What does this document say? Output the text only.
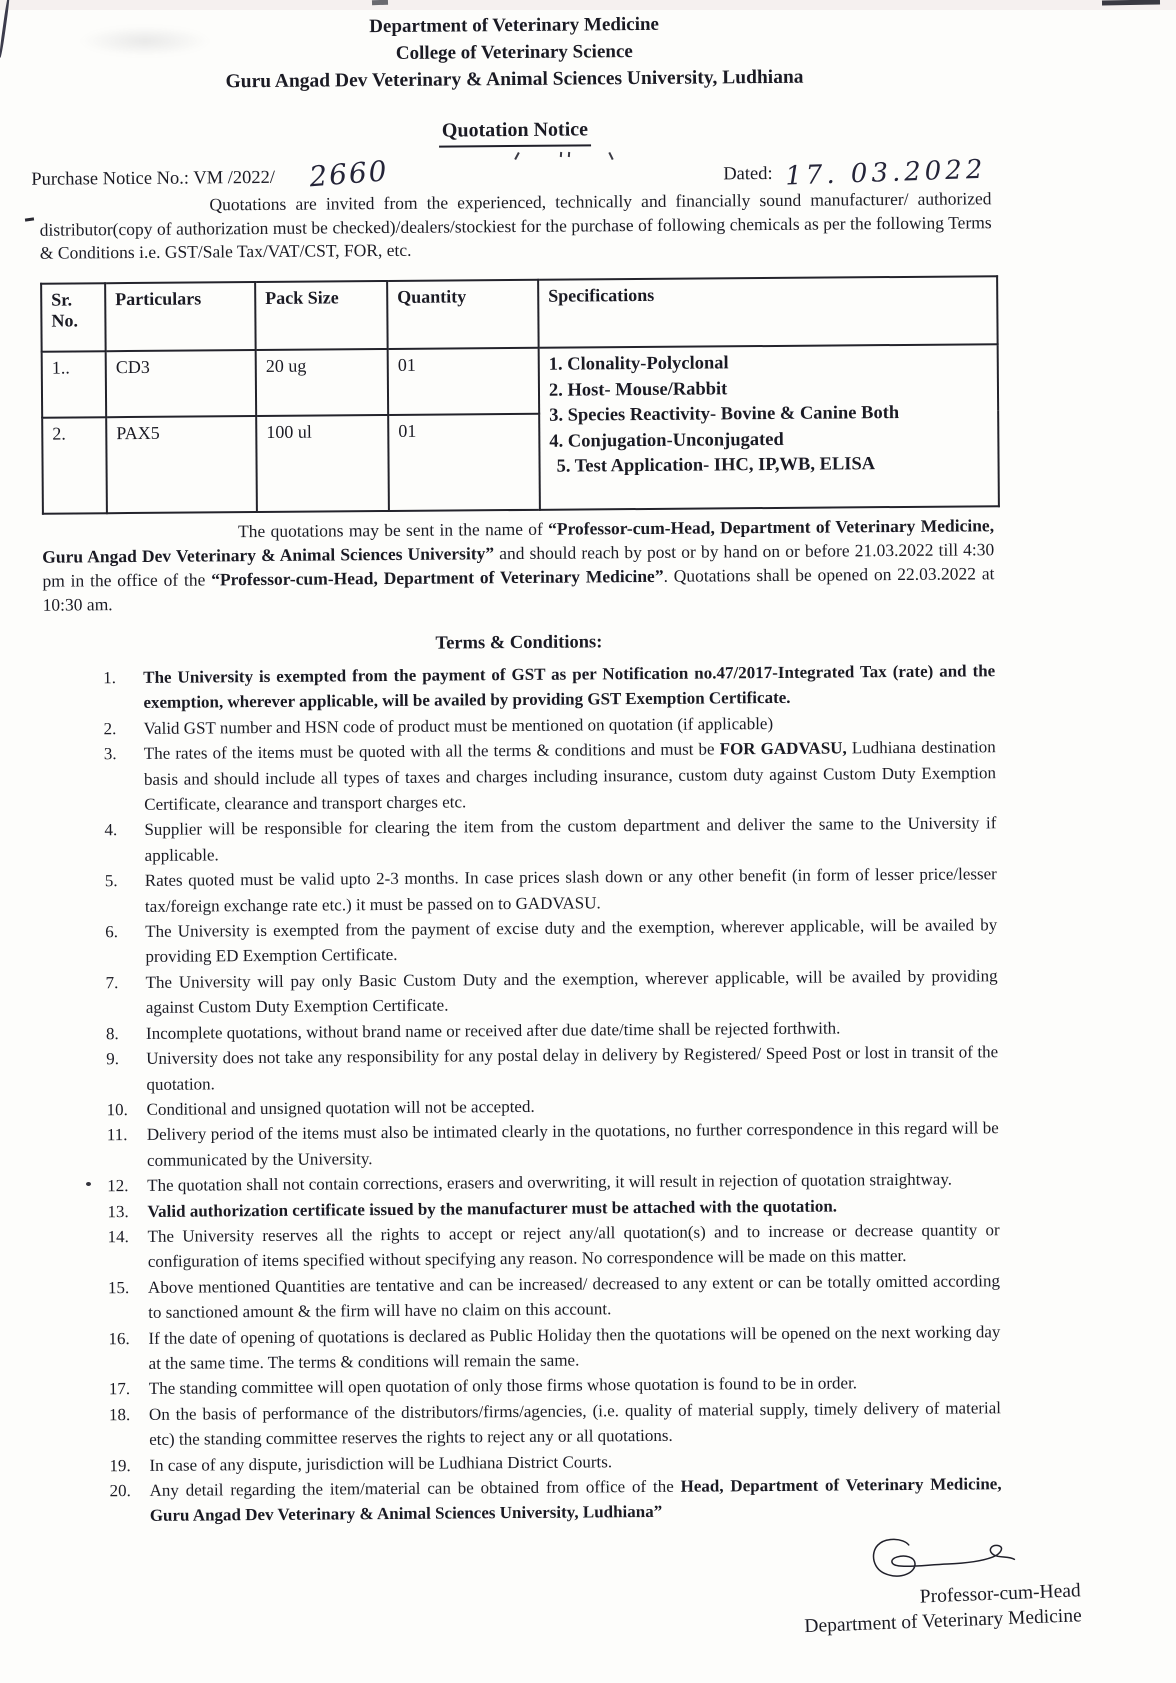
Department of Veterinary Medicine
College of Veterinary Science
Guru Angad Dev Veterinary & Animal Sciences University, Ludhiana
Quotation Notice
Purchase Notice No.: VM /2022/ 2660	Dated: 17. 03.2022

Quotations are invited from the experienced, technically and financially sound manufacturer/ authorized distributor(copy of authorization must be checked)/dealers/stockiest for the purchase of following chemicals as per the following Terms & Conditions i.e. GST/Sale Tax/VAT/CST, FOR, etc.

Sr. No.	Particulars	Pack Size	Quantity	Specifications
1..	CD3	20 ug	01	1. Clonality-Polyclonal
2. Host- Mouse/Rabbit
3. Species Reactivity- Bovine & Canine Both
4. Conjugation-Unconjugated
5. Test Application- IHC, IP,WB, ELISA

2.	PAX5	100 ul	01	

The quotations may be sent in the name of “Professor-cum-Head, Department of Veterinary Medicine, Guru Angad Dev Veterinary & Animal Sciences University” and should reach by post or by hand on or before 21.03.2022 till 4:30 pm in the office of the “Professor-cum-Head, Department of Veterinary Medicine”. Quotations shall be opened on 22.03.2022 at 10:30 am.

Terms & Conditions:
1.	The University is exempted from the payment of GST as per Notification no.47/2017-Integrated Tax (rate) and the exemption, wherever applicable, will be availed by providing GST Exemption Certificate.
2.	Valid GST number and HSN code of product must be mentioned on quotation (if applicable)
3.	The rates of the items must be quoted with all the terms & conditions and must be FOR GADVASU, Ludhiana destination basis and should include all types of taxes and charges including insurance, custom duty against Custom Duty Exemption Certificate, clearance and transport charges etc.
4.	Supplier will be responsible for clearing the item from the custom department and deliver the same to the University if applicable.
5.	Rates quoted must be valid upto 2-3 months. In case prices slash down or any other benefit (in form of lesser price/lesser tax/foreign exchange rate etc.) it must be passed on to GADVASU.
6.	The University is exempted from the payment of excise duty and the exemption, wherever applicable, will be availed by providing ED Exemption Certificate.
7.	The University will pay only Basic Custom Duty and the exemption, wherever applicable, will be availed by providing against Custom Duty Exemption Certificate.
8.	Incomplete quotations, without brand name or received after due date/time shall be rejected forthwith.
9.	University does not take any responsibility for any postal delay in delivery by Registered/ Speed Post or lost in transit of the quotation.
10.	Conditional and unsigned quotation will not be accepted.
11.	Delivery period of the items must also be intimated clearly in the quotations, no further correspondence in this regard will be communicated by the University.
12.	The quotation shall not contain corrections, erasers and overwriting, it will result in rejection of quotation straightway.
13.	Valid authorization certificate issued by the manufacturer must be attached with the quotation.
14.	The University reserves all the rights to accept or reject any/all quotation(s) and to increase or decrease quantity or configuration of items specified without specifying any reason. No correspondence will be made on this matter.
15.	Above mentioned Quantities are tentative and can be increased/ decreased to any extent or can be totally omitted according to sanctioned amount & the firm will have no claim on this account.
16.	If the date of opening of quotations is declared as Public Holiday then the quotations will be opened on the next working day at the same time. The terms & conditions will remain the same.
17.	The standing committee will open quotation of only those firms whose quotation is found to be in order.
18.	On the basis of performance of the distributors/firms/agencies, (i.e. quality of material supply, timely delivery of material etc) the standing committee reserves the rights to reject any or all quotations.
19.	In case of any dispute, jurisdiction will be Ludhiana District Courts.
20.	Any detail regarding the item/material can be obtained from office of the Head, Department of Veterinary Medicine, Guru Angad Dev Veterinary & Animal Sciences University, Ludhiana”
Professor-cum-Head
Department of Veterinary Medicine
